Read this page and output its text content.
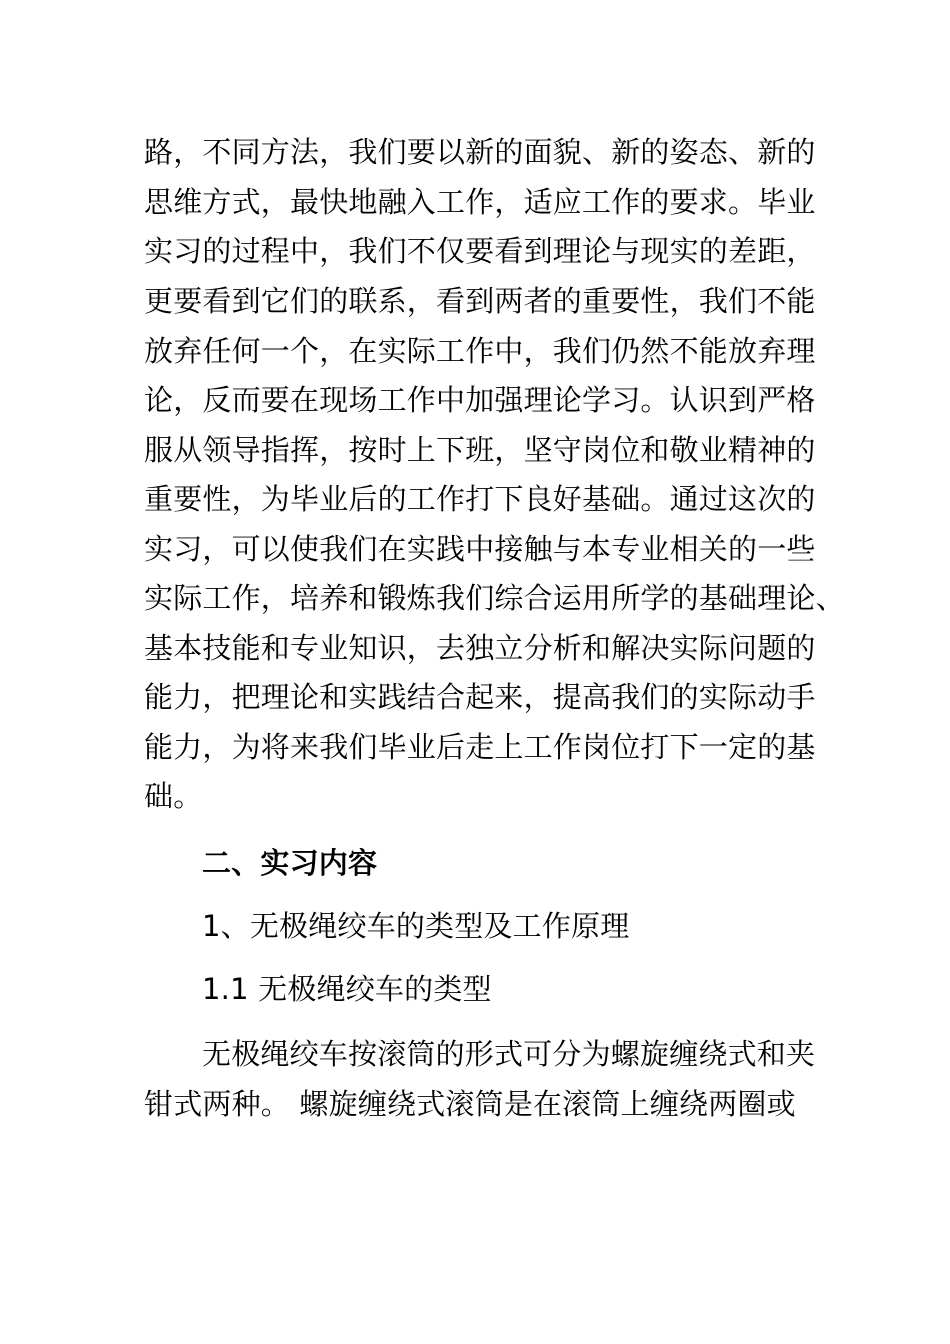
路，不同方法，我们要以新的面貌、新的姿态、新的
思维方式，最快地融入工作，适应工作的要求。毕业
实习的过程中，我们不仅要看到理论与现实的差距，
更要看到它们的联系，看到两者的重要性，我们不能
放弃任何一个，在实际工作中，我们仍然不能放弃理
论，反而要在现场工作中加强理论学习。认识到严格
服从领导指挥，按时上下班，坚守岗位和敬业精神的
重要性，为毕业后的工作打下良好基础。通过这次的
实习，可以使我们在实践中接触与本专业相关的一些
实际工作，培养和锻炼我们综合运用所学的基础理论、
基本技能和专业知识，去独立分析和解决实际问题的
能力，把理论和实践结合起来，提高我们的实际动手
能力，为将来我们毕业后走上工作岗位打下一定的基
础。
二、实习内容
1、无极绳绞车的类型及工作原理
1.1 无极绳绞车的类型
无极绳绞车按滚筒的形式可分为螺旋缠绕式和夹
钳式两种。 螺旋缠绕式滚筒是在滚筒上缠绕两圈或
